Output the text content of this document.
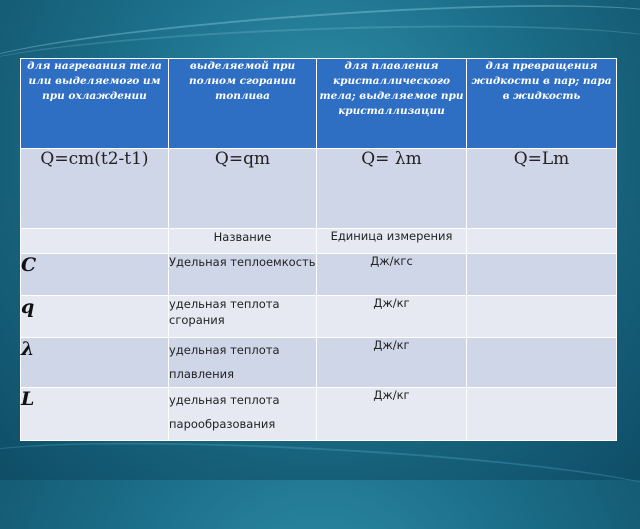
для нагревания тела или выделяемого им при охлаждении	выделяемой при полном сгорании топлива	для плавления кристаллического тела; выделяемое при кристаллизации	для превращения жидкости в пар; пара в жидкость
Q=cm(t2-t1)	Q=qm	Q= λm	Q=Lm
	Название	Единица измерения	
C	Удельная теплоемкость	Дж/кгс	
q	удельная теплота сгорания	Дж/кг	
λ	удельная теплота плавления	Дж/кг	
L	удельная теплота парообразования	Дж/кг	
